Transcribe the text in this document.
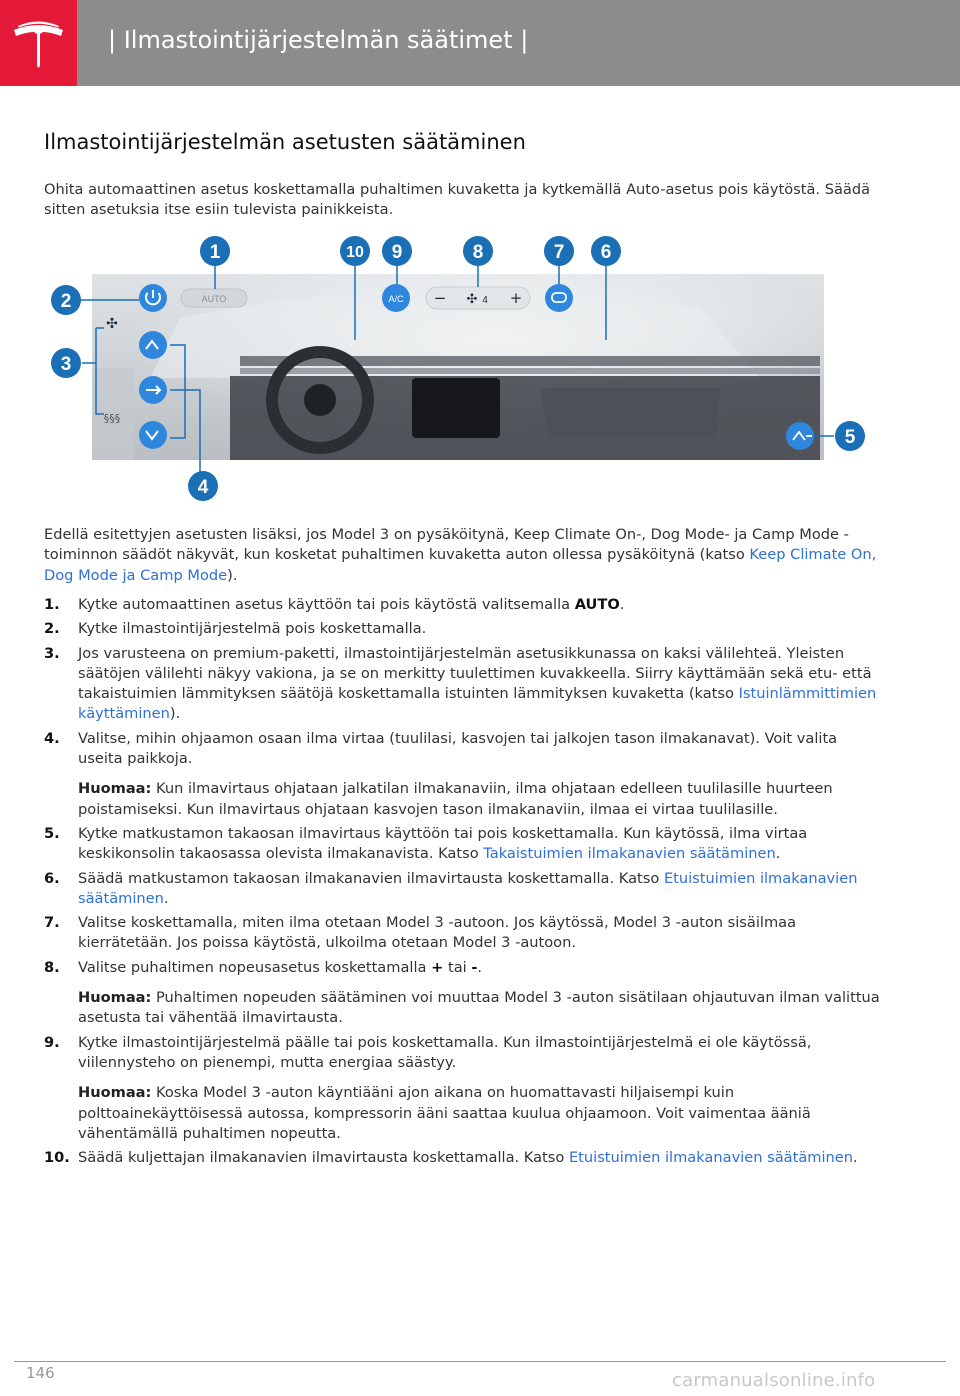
| Ilmastointijärjestelmän säätimet |
Ilmastointijärjestelmän asetusten säätäminen
Ohita automaattinen asetus koskettamalla puhaltimen kuvaketta ja kytkemällä Auto-asetus pois käytöstä. Säädä sitten asetuksia itse esiin tulevista painikkeista.
AUTO
✣
§§§
A/C − ✣ 4 +
1
2
3
4
5
6
7
8
9
10
Edellä esitettyjen asetusten lisäksi, jos Model 3 on pysäköitynä, Keep Climate On-, Dog Mode- ja Camp Mode -toiminnon säädöt näkyvät, kun kosketat puhaltimen kuvaketta auton ollessa pysäköitynä (katso Keep Climate On, Dog Mode ja Camp Mode).
1. Kytke automaattinen asetus käyttöön tai pois käytöstä valitsemalla AUTO.
2. Kytke ilmastointijärjestelmä pois koskettamalla.
3. Jos varusteena on premium-paketti, ilmastointijärjestelmän asetusikkunassa on kaksi välilehteä. Yleisten säätöjen välilehti näkyy vakiona, ja se on merkitty tuulettimen kuvakkeella. Siirry käyttämään sekä etu- että takaistuimien lämmityksen säätöjä koskettamalla istuinten lämmityksen kuvaketta (katso Istuinlämmittimien käyttäminen).
4. Valitse, mihin ohjaamon osaan ilma virtaa (tuulilasi, kasvojen tai jalkojen tason ilmakanavat). Voit valita useita paikkoja.
Huomaa: Kun ilmavirtaus ohjataan jalkatilan ilmakanaviin, ilma ohjataan edelleen tuulilasille huurteen poistamiseksi. Kun ilmavirtaus ohjataan kasvojen tason ilmakanaviin, ilmaa ei virtaa tuulilasille.
5. Kytke matkustamon takaosan ilmavirtaus käyttöön tai pois koskettamalla. Kun käytössä, ilma virtaa keskikonsolin takaosassa olevista ilmakanavista. Katso Takaistuimien ilmakanavien säätäminen.
6. Säädä matkustamon takaosan ilmakanavien ilmavirtausta koskettamalla. Katso Etuistuimien ilmakanavien säätäminen.
7. Valitse koskettamalla, miten ilma otetaan Model 3 -autoon. Jos käytössä, Model 3 -auton sisäilmaa kierrätetään. Jos poissa käytöstä, ulkoilma otetaan Model 3 -autoon.
8. Valitse puhaltimen nopeusasetus koskettamalla + tai -.
Huomaa: Puhaltimen nopeuden säätäminen voi muuttaa Model 3 -auton sisätilaan ohjautuvan ilman valittua asetusta tai vähentää ilmavirtausta.
9. Kytke ilmastointijärjestelmä päälle tai pois koskettamalla. Kun ilmastointijärjestelmä ei ole käytössä, viilennysteho on pienempi, mutta energiaa säästyy.
Huomaa: Koska Model 3 -auton käyntiääni ajon aikana on huomattavasti hiljaisempi kuin polttoainekäyttöisessä autossa, kompressorin ääni saattaa kuulua ohjaamoon. Voit vaimentaa ääniä vähentämällä puhaltimen nopeutta.
10. Säädä kuljettajan ilmakanavien ilmavirtausta koskettamalla. Katso Etuistuimien ilmakanavien säätäminen.
146	carmanualsonline.info
